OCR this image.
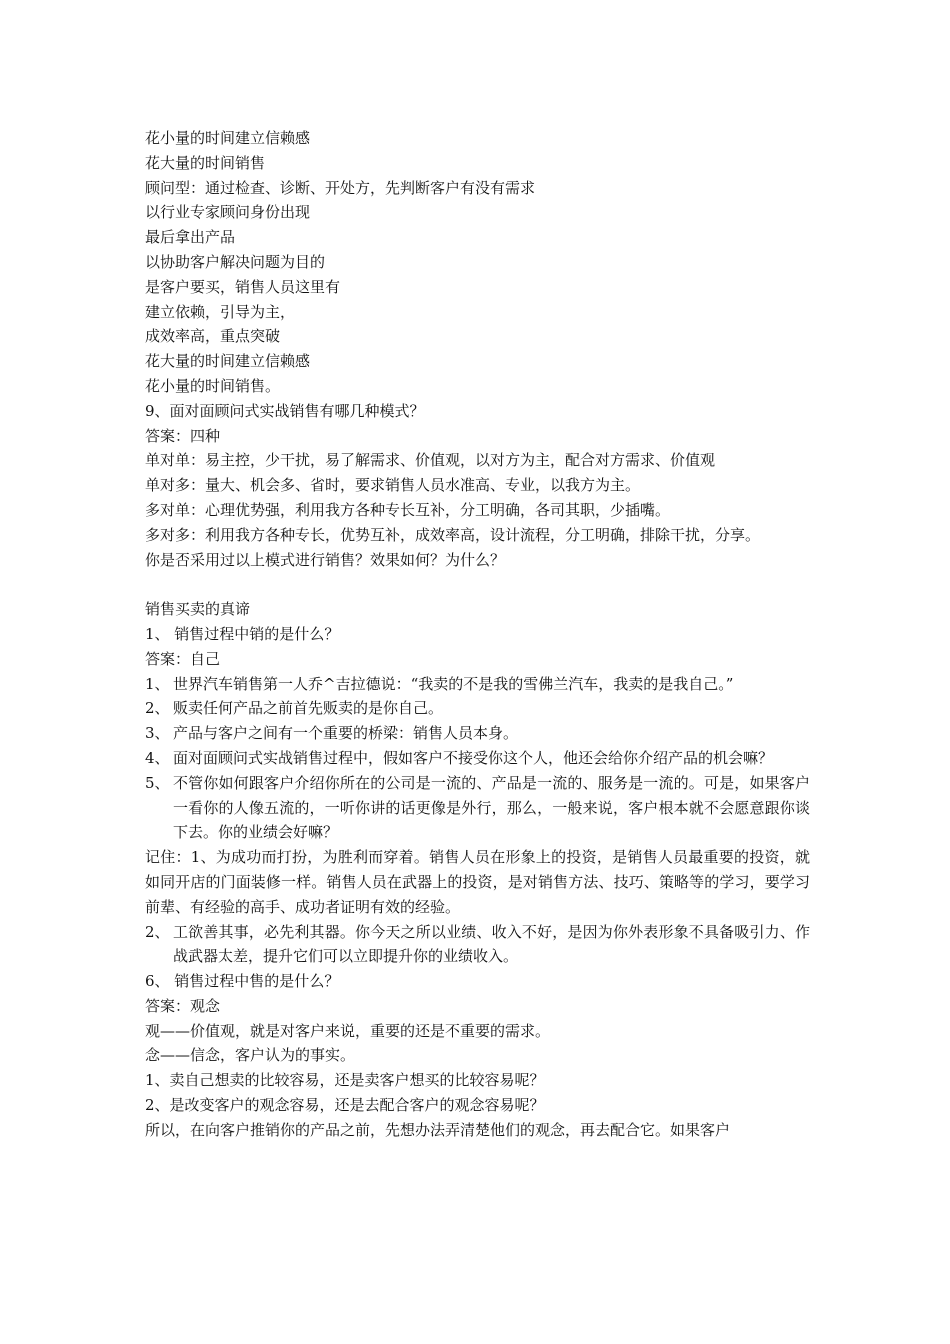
花小量的时间建立信赖感
花大量的时间销售
顾问型：通过检查、诊断、开处方，先判断客户有没有需求
以行业专家顾问身份出现
最后拿出产品
以协助客户解决问题为目的
是客户要买，销售人员这里有
建立依赖，引导为主，
成效率高，重点突破
花大量的时间建立信赖感
花小量的时间销售。
9、面对面顾问式实战销售有哪几种模式？
答案：四种
单对单：易主控，少干扰，易了解需求、价值观，以对方为主，配合对方需求、价值观
单对多：量大、机会多、省时，要求销售人员水准高、专业，以我方为主。
多对单：心理优势强，利用我方各种专长互补，分工明确，各司其职，少插嘴。
多对多：利用我方各种专长，优势互补，成效率高，设计流程，分工明确，排除干扰，分享。
你是否采用过以上模式进行销售？效果如何？为什么？
销售买卖的真谛
1、 销售过程中销的是什么？
答案：自己
1、 世界汽车销售第一人乔^吉拉德说：“我卖的不是我的雪佛兰汽车，我卖的是我自己。”
2、 贩卖任何产品之前首先贩卖的是你自己。
3、 产品与客户之间有一个重要的桥梁：销售人员本身。
4、 面对面顾问式实战销售过程中，假如客户不接受你这个人，他还会给你介绍产品的机会嘛？
5、 不管你如何跟客户介绍你所在的公司是一流的、产品是一流的、服务是一流的。可是，如果客户一看你的人像五流的，一听你讲的话更像是外行，那么，一般来说，客户根本就不会愿意跟你谈下去。你的业绩会好嘛？
记住：1、为成功而打扮，为胜利而穿着。销售人员在形象上的投资，是销售人员最重要的投资，就如同开店的门面装修一样。销售人员在武器上的投资，是对销售方法、技巧、策略等的学习，要学习前辈、有经验的高手、成功者证明有效的经验。
2、 工欲善其事，必先利其器。你今天之所以业绩、收入不好，是因为你外表形象不具备吸引力、作战武器太差，提升它们可以立即提升你的业绩收入。
6、 销售过程中售的是什么？
答案：观念
观——价值观，就是对客户来说，重要的还是不重要的需求。
念——信念，客户认为的事实。
1、卖自己想卖的比较容易，还是卖客户想买的比较容易呢？
2、是改变客户的观念容易，还是去配合客户的观念容易呢？
所以，在向客户推销你的产品之前，先想办法弄清楚他们的观念，再去配合它。如果客户
